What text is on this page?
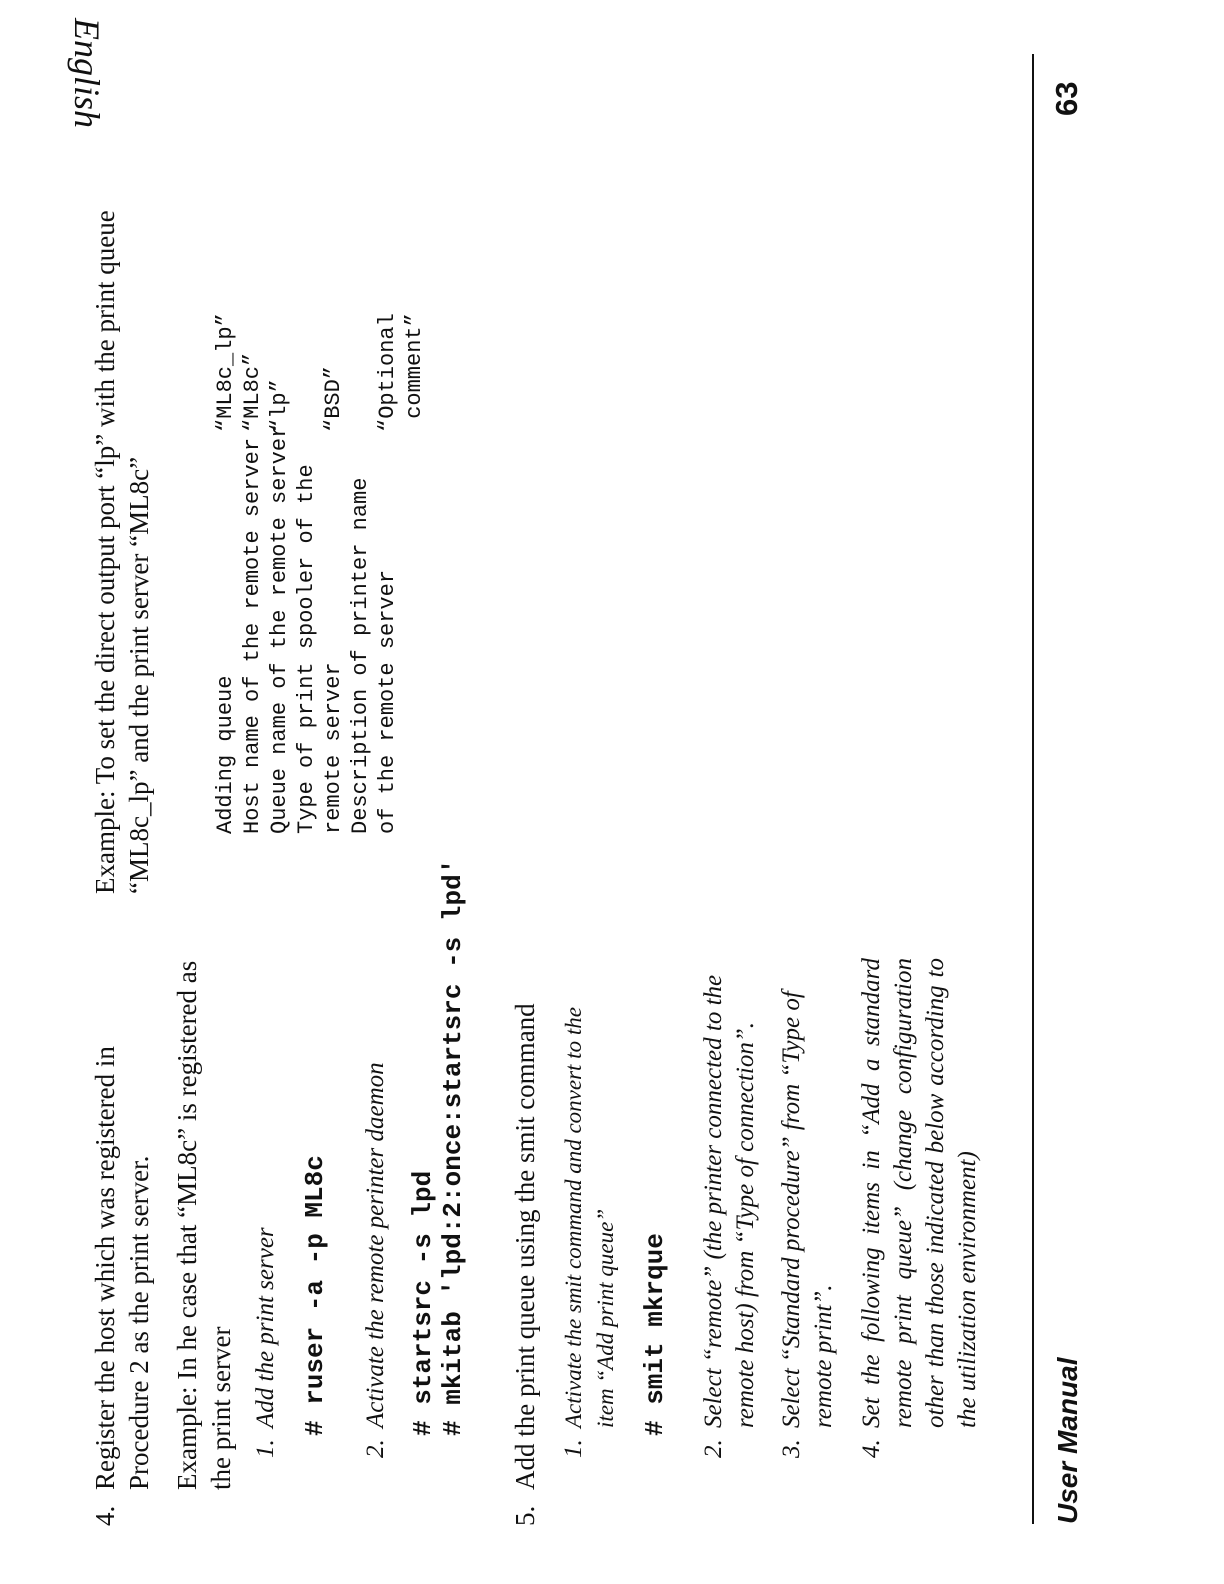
4.
Register the host which was registered in Procedure 2 as the print server. Example: In he case that “ML8c” is registered as the print server 1.
Add the print server # ruser -a -p ML8c
2.
Activate the remote perinter daemon # startsrc -s lpd # mkitab 'lpd:2:once:startsrc -s lpd'
5.
Add the print queue using the smit command 1.
Activate the smit command and convert to the item “Add print queue” # smit mkrque
2.
Select “remote” (the printer connected to the remote host) from “Type of connection”.
3.
Select “Standard procedure” from “Type of remote print”.
4.
Set the following items in “Add a standard remote print queue” (change configuration other than those indicated below according to the utilization environment)
Example: To set the direct output port “lp” with the print queue “ML8c_lp” and the print server “ML8c”	Adding queue
“ML8c_lp”
Host name of the remote server
“ML8c”
Queue name of the remote server
“lp”
Type of print spooler of the
remote server
“BSD”
Description of printer name
of the remote server
“Optional
comment”
English
User Manual
63
